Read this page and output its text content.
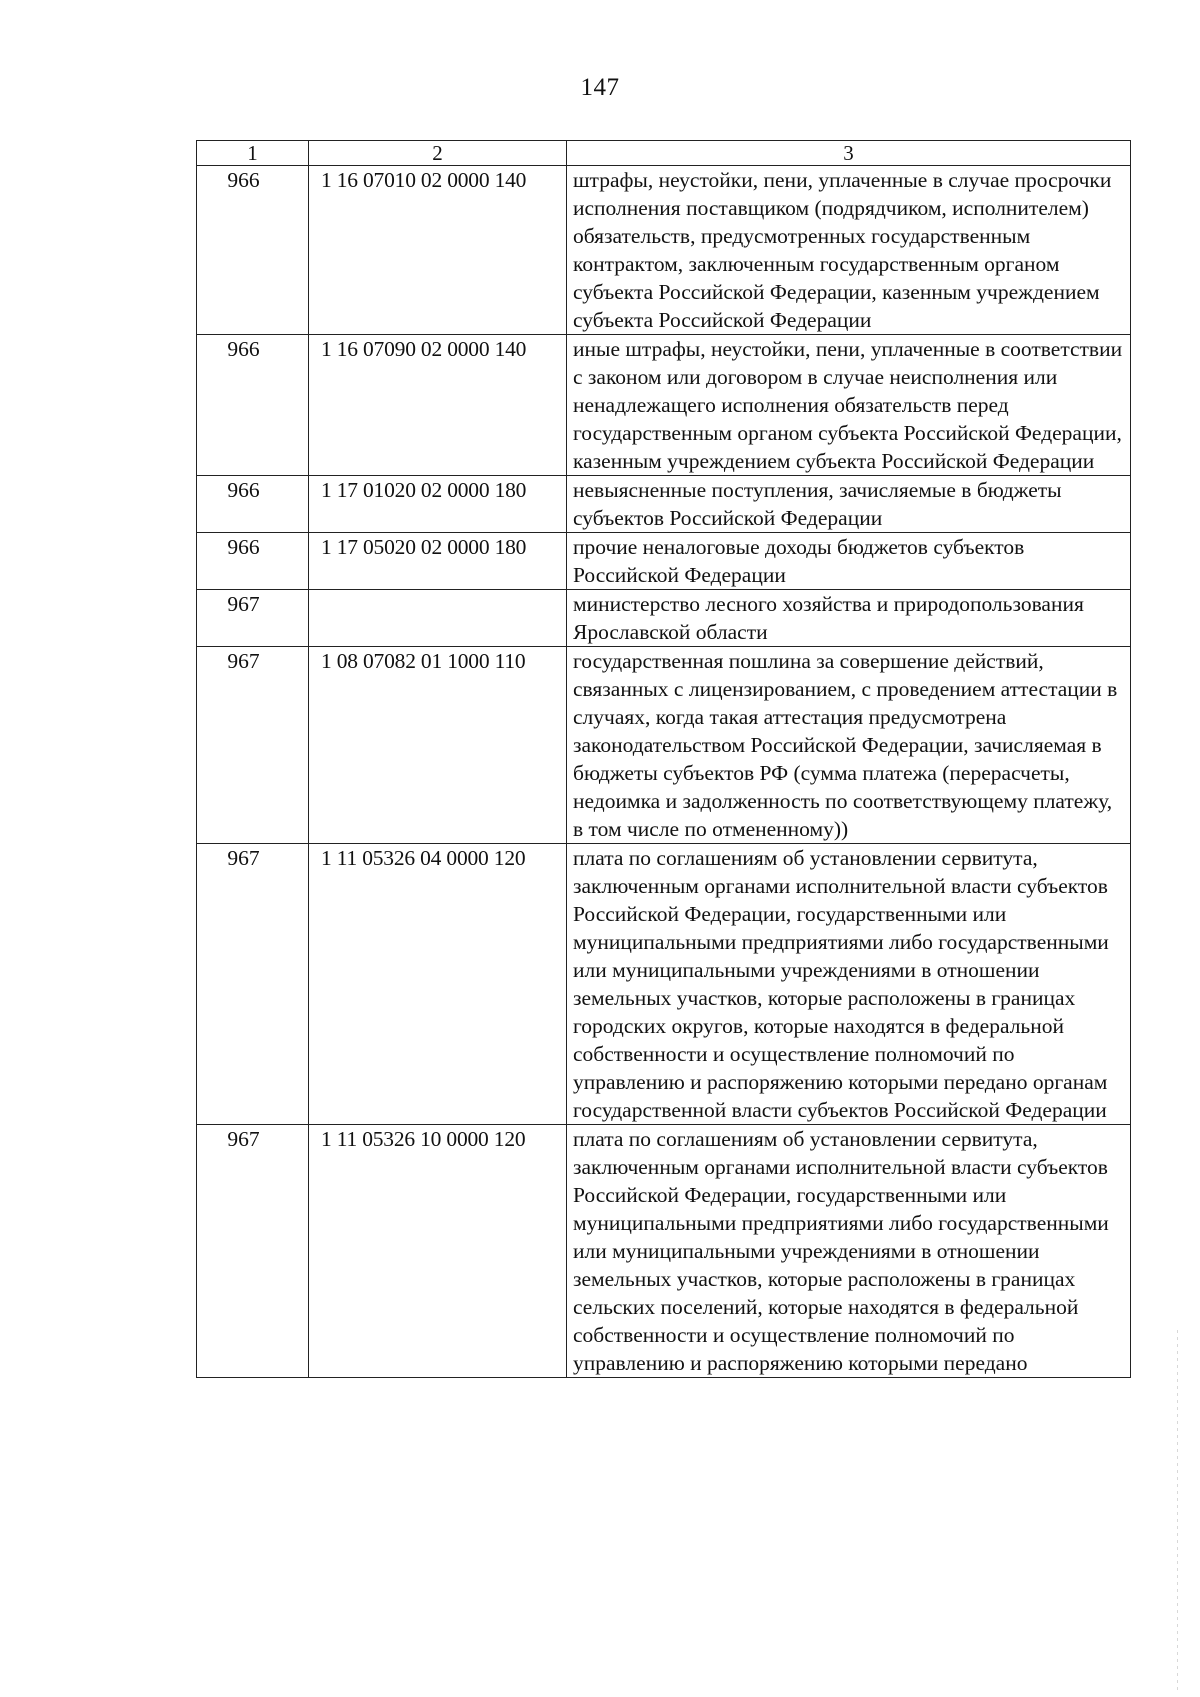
147
1	2	3
966	1 16 07010 02 0000 140	штрафы, неустойки, пени, уплаченные в случае просрочки исполнения поставщиком (подрядчиком, исполнителем) обязательств, предусмотренных государственным контрактом, заключенным государственным органом субъекта Российской Федерации, казенным учреждением субъекта Российской Федерации
966	1 16 07090 02 0000 140	иные штрафы, неустойки, пени, уплаченные в соответствии с законом или договором в случае неисполнения или ненадлежащего исполнения обязательств перед государственным органом субъекта Российской Федерации, казенным учреждением субъекта Российской Федерации
966	1 17 01020 02 0000 180	невыясненные поступления, зачисляемые в бюджеты субъектов Российской Федерации
966	1 17 05020 02 0000 180	прочие неналоговые доходы бюджетов субъектов Российской Федерации
967		министерство лесного хозяйства и природопользования Ярославской области
967	1 08 07082 01 1000 110	государственная пошлина за совершение действий, связанных с лицензированием, с проведением аттестации в случаях, когда такая аттестация предусмотрена законодательством Российской Федерации, зачисляемая в бюджеты субъектов РФ (сумма платежа (перерасчеты, недоимка и задолженность по соответствующему платежу, в том числе по отмененному))
967	1 11 05326 04 0000 120	плата по соглашениям об установлении сервитута, заключенным органами исполнительной власти субъектов Российской Федерации, государственными или муниципальными предприятиями либо государственными или муниципальными учреждениями в отношении земельных участков, которые расположены в границах городских округов, которые находятся в федеральной собственности и осуществление полномочий по управлению и распоряжению которыми передано органам государственной власти субъектов Российской Федерации
967	1 11 05326 10 0000 120	плата по соглашениям об установлении сервитута, заключенным органами исполнительной власти субъектов Российской Федерации, государственными или муниципальными предприятиями либо государственными или муниципальными учреждениями в отношении земельных участков, которые расположены в границах сельских поселений, которые находятся в федеральной собственности и осуществление полномочий по управлению и распоряжению которыми передано
